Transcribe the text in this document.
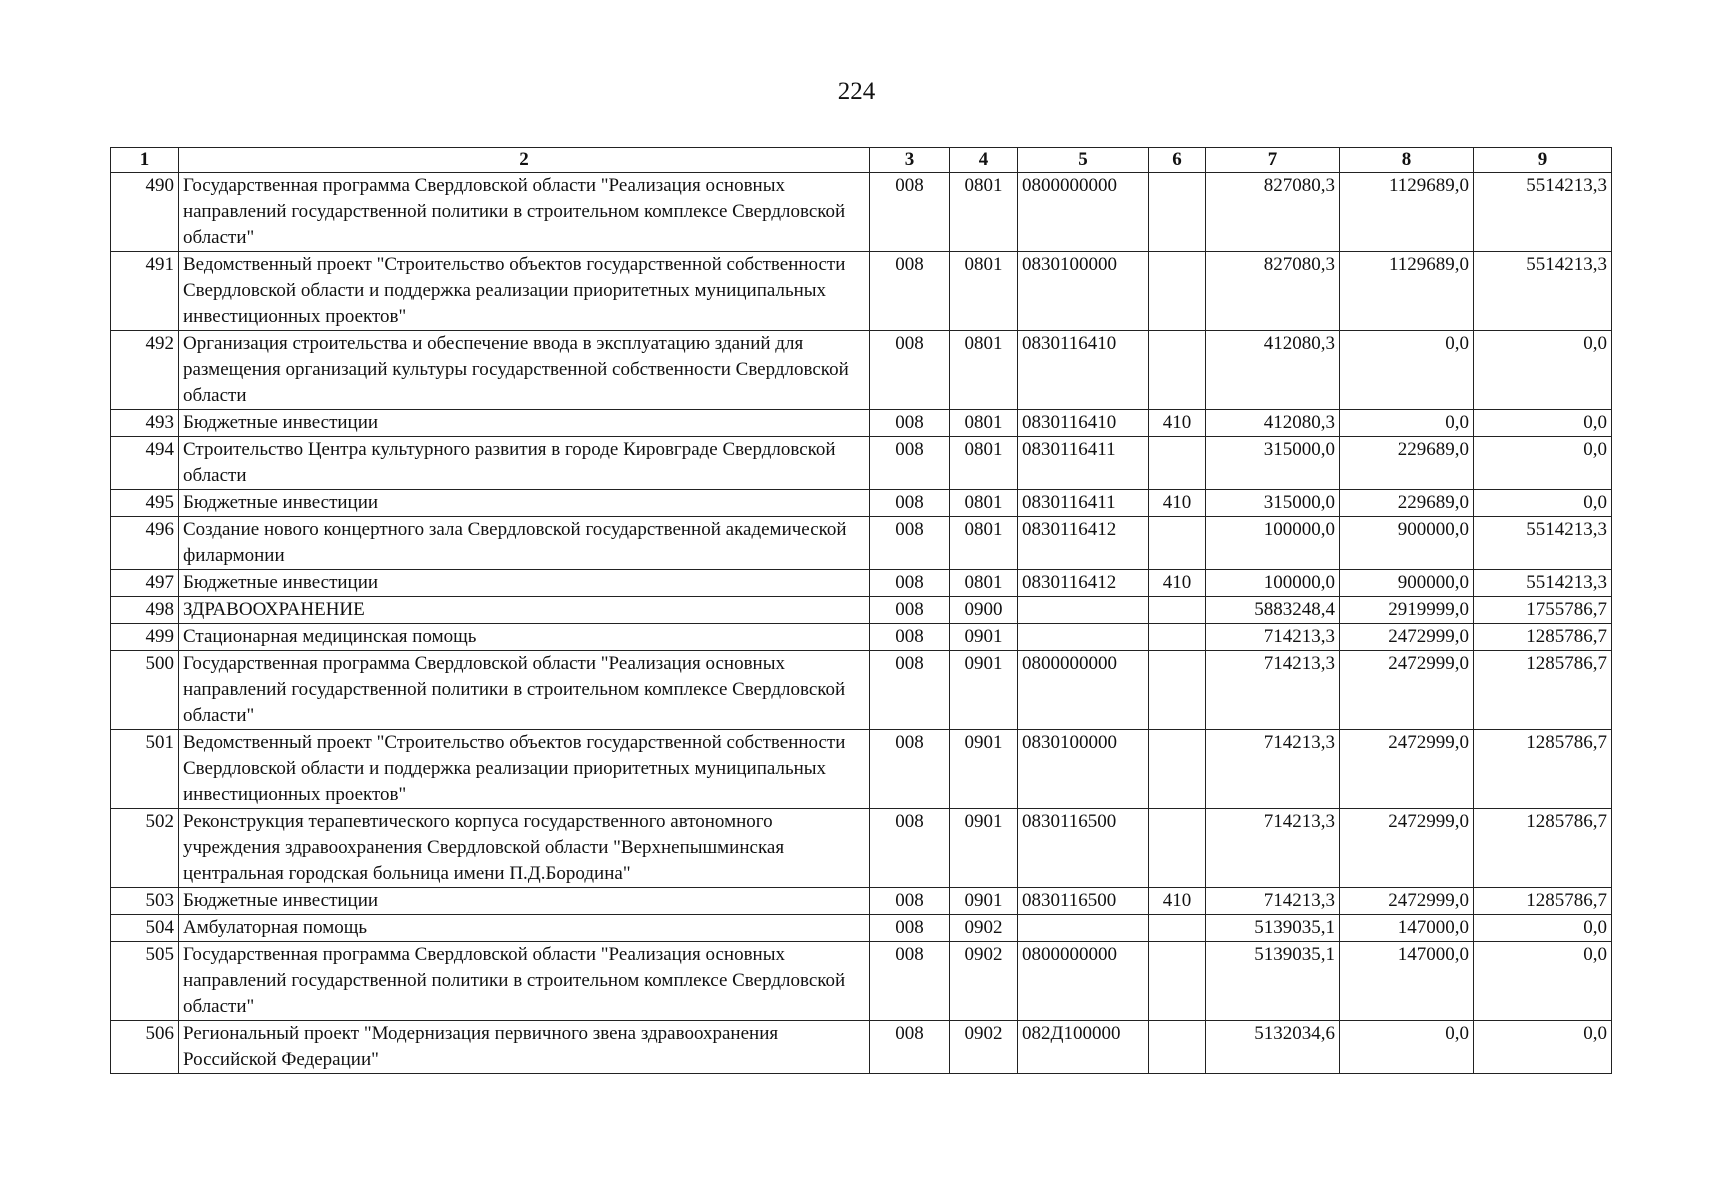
224
1	2	3	4	5	6	7	8	9
490	Государственная программа Свердловской области "Реализация основных направлений государственной политики в строительном комплексе Свердловской области"	008	0801	0800000000		827080,3	1129689,0	5514213,3
491	Ведомственный проект "Строительство объектов государственной собственности Свердловской области и поддержка реализации приоритетных муниципальных инвестиционных проектов"	008	0801	0830100000		827080,3	1129689,0	5514213,3
492	Организация строительства и обеспечение ввода в эксплуатацию зданий для размещения организаций культуры государственной собственности Свердловской области	008	0801	0830116410		412080,3	0,0	0,0
493	Бюджетные инвестиции	008	0801	0830116410	410	412080,3	0,0	0,0
494	Строительство Центра культурного развития в городе Кировграде Свердловской области	008	0801	0830116411		315000,0	229689,0	0,0
495	Бюджетные инвестиции	008	0801	0830116411	410	315000,0	229689,0	0,0
496	Создание нового концертного зала Свердловской государственной академической филармонии	008	0801	0830116412		100000,0	900000,0	5514213,3
497	Бюджетные инвестиции	008	0801	0830116412	410	100000,0	900000,0	5514213,3
498	ЗДРАВООХРАНЕНИЕ	008	0900			5883248,4	2919999,0	1755786,7
499	Стационарная медицинская помощь	008	0901			714213,3	2472999,0	1285786,7
500	Государственная программа Свердловской области "Реализация основных направлений государственной политики в строительном комплексе Свердловской области"	008	0901	0800000000		714213,3	2472999,0	1285786,7
501	Ведомственный проект "Строительство объектов государственной собственности Свердловской области и поддержка реализации приоритетных муниципальных инвестиционных проектов"	008	0901	0830100000		714213,3	2472999,0	1285786,7
502	Реконструкция терапевтического корпуса государственного автономного учреждения здравоохранения Свердловской области "Верхнепышминская центральная городская больница имени П.Д.Бородина"	008	0901	0830116500		714213,3	2472999,0	1285786,7
503	Бюджетные инвестиции	008	0901	0830116500	410	714213,3	2472999,0	1285786,7
504	Амбулаторная помощь	008	0902			5139035,1	147000,0	0,0
505	Государственная программа Свердловской области "Реализация основных направлений государственной политики в строительном комплексе Свердловской области"	008	0902	0800000000		5139035,1	147000,0	0,0
506	Региональный проект "Модернизация первичного звена здравоохранения Российской Федерации"	008	0902	082Д100000		5132034,6	0,0	0,0
